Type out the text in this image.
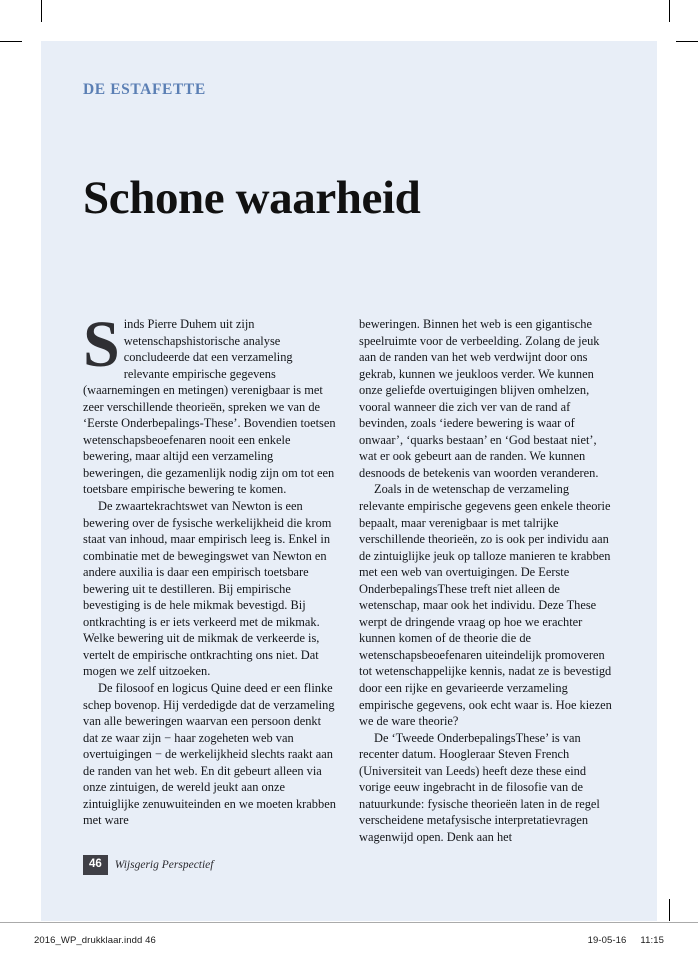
DE ESTAFETTE
Schone waarheid

Sinds Pierre Duhem uit zijn wetenschapshistorische analyse concludeerde dat een verzameling relevante empirische gegevens (waarnemingen en metingen) verenigbaar is met zeer verschillende theorieën, spreken we van de ‘Eerste Onderbepalings-These’. Bovendien toetsen wetenschapsbeoefenaren nooit een enkele bewering, maar altijd een verzameling beweringen, die gezamenlijk nodig zijn om tot een toetsbare empirische bewering te komen.

De zwaartekrachtswet van Newton is een bewering over de fysische werkelijkheid die krom staat van inhoud, maar empirisch leeg is. Enkel in combinatie met de bewegingswet van Newton en andere auxilia is daar een empirisch toetsbare bewering uit te destilleren. Bij empirische bevestiging is de hele mikmak bevestigd. Bij ontkrachting is er iets verkeerd met de mikmak. Welke bewering uit de mikmak de verkeerde is, vertelt de empirische ontkrachting ons niet. Dat mogen we zelf uitzoeken.

De filosoof en logicus Quine deed er een flinke schep bovenop. Hij verdedigde dat de verzameling van alle beweringen waarvan een persoon denkt dat ze waar zijn − haar zogeheten web van overtuigingen − de werkelijkheid slechts raakt aan de randen van het web. En dit gebeurt alleen via onze zintuigen, de wereld jeukt aan onze zintuiglijke zenuwuiteinden en we moeten krabben met ware

beweringen. Binnen het web is een gigantische speelruimte voor de verbeelding. Zolang de jeuk aan de randen van het web verdwijnt door ons gekrab, kunnen we jeukloos verder. We kunnen onze geliefde overtuigingen blijven omhelzen, vooral wanneer die zich ver van de rand af bevinden, zoals ‘iedere bewering is waar of onwaar’, ‘quarks bestaan’ en ‘God bestaat niet’, wat er ook gebeurt aan de randen. We kunnen desnoods de betekenis van woorden veranderen.

Zoals in de wetenschap de verzameling relevante empirische gegevens geen enkele theorie bepaalt, maar verenigbaar is met talrijke verschillende theorieën, zo is ook per individu aan de zintuiglijke jeuk op talloze manieren te krabben met een web van overtuigingen. De Eerste OnderbepalingsThese treft niet alleen de wetenschap, maar ook het individu. Deze These werpt de dringende vraag op hoe we erachter kunnen komen of de theorie die de wetenschapsbeoefenaren uiteindelijk promoveren tot wetenschappelijke kennis, nadat ze is bevestigd door een rijke en gevarieerde verzameling empirische gegevens, ook echt waar is. Hoe kiezen we de ware theorie?

De ‘Tweede OnderbepalingsThese’ is van recenter datum. Hoogleraar Steven French (Universiteit van Leeds) heeft deze these eind vorige eeuw ingebracht in de filosofie van de natuurkunde: fysische theorieën laten in de regel verscheidene metafysische interpretatievragen wagenwijd open. Denk aan het

46	Wijsgerig Perspectief
2016_WP_drukklaar.indd 46	19-05-16 11:15
